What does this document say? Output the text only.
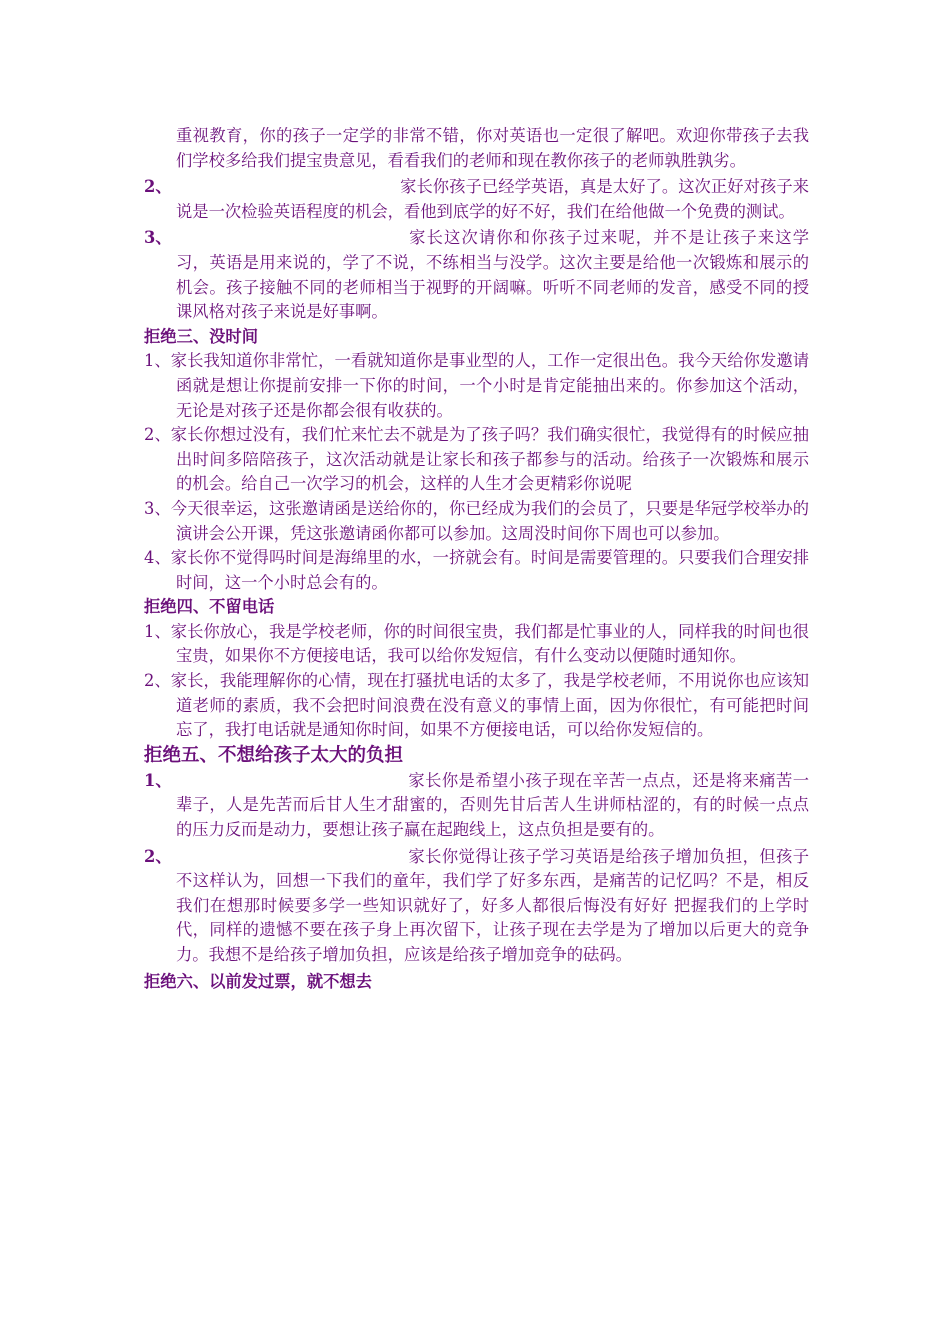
重视教育，你的孩子一定学的非常不错，你对英语也一定很了解吧。欢迎你带孩子去我们学校多给我们提宝贵意见，看看我们的老师和现在教你孩子的老师孰胜孰劣。

2、	家长你孩子已经学英语，真是太好了。这次正好对孩子来说是一次检验英语程度的机会，看他到底学的好不好，我们在给他做一个免费的测试。

3、	家长这次请你和你孩子过来呢，并不是让孩子来这学习，英语是用来说的，学了不说，不练相当与没学。这次主要是给他一次锻炼和展示的机会。孩子接触不同的老师相当于视野的开阔嘛。听听不同老师的发音，感受不同的授课风格对孩子来说是好事啊。

拒绝三、没时间

1、家长我知道你非常忙，一看就知道你是事业型的人，工作一定很出色。我今天给你发邀请函就是想让你提前安排一下你的时间，一个小时是肯定能抽出来的。你参加这个活动，无论是对孩子还是你都会很有收获的。

2、家长你想过没有，我们忙来忙去不就是为了孩子吗？我们确实很忙，我觉得有的时候应抽出时间多陪陪孩子，这次活动就是让家长和孩子都参与的活动。给孩子一次锻炼和展示的机会。给自己一次学习的机会，这样的人生才会更精彩你说呢

3、今天很幸运，这张邀请函是送给你的，你已经成为我们的会员了，只要是华冠学校举办的演讲会公开课，凭这张邀请函你都可以参加。这周没时间你下周也可以参加。

4、家长你不觉得吗时间是海绵里的水，一挤就会有。时间是需要管理的。只要我们合理安排时间，这一个小时总会有的。

拒绝四、不留电话

1、家长你放心，我是学校老师，你的时间很宝贵，我们都是忙事业的人，同样我的时间也很宝贵，如果你不方便接电话，我可以给你发短信，有什么变动以便随时通知你。

2、家长，我能理解你的心情，现在打骚扰电话的太多了，我是学校老师，不用说你也应该知道老师的素质，我不会把时间浪费在没有意义的事情上面，因为你很忙，有可能把时间忘了，我打电话就是通知你时间，如果不方便接电话，可以给你发短信的。

拒绝五、不想给孩子太大的负担

1、	家长你是希望小孩子现在辛苦一点点，还是将来痛苦一辈子，人是先苦而后甘人生才甜蜜的，否则先甘后苦人生讲师枯涩的，有的时候一点点的压力反而是动力，要想让孩子赢在起跑线上，这点负担是要有的。

2、	家长你觉得让孩子学习英语是给孩子增加负担，但孩子不这样认为，回想一下我们的童年，我们学了好多东西，是痛苦的记忆吗？不是，相反我们在想那时候要多学一些知识就好了，好多人都很后悔没有好好 把握我们的上学时代，同样的遗憾不要在孩子身上再次留下，让孩子现在去学是为了增加以后更大的竞争力。我想不是给孩子增加负担，应该是给孩子增加竞争的砝码。

拒绝六、以前发过票，就不想去
